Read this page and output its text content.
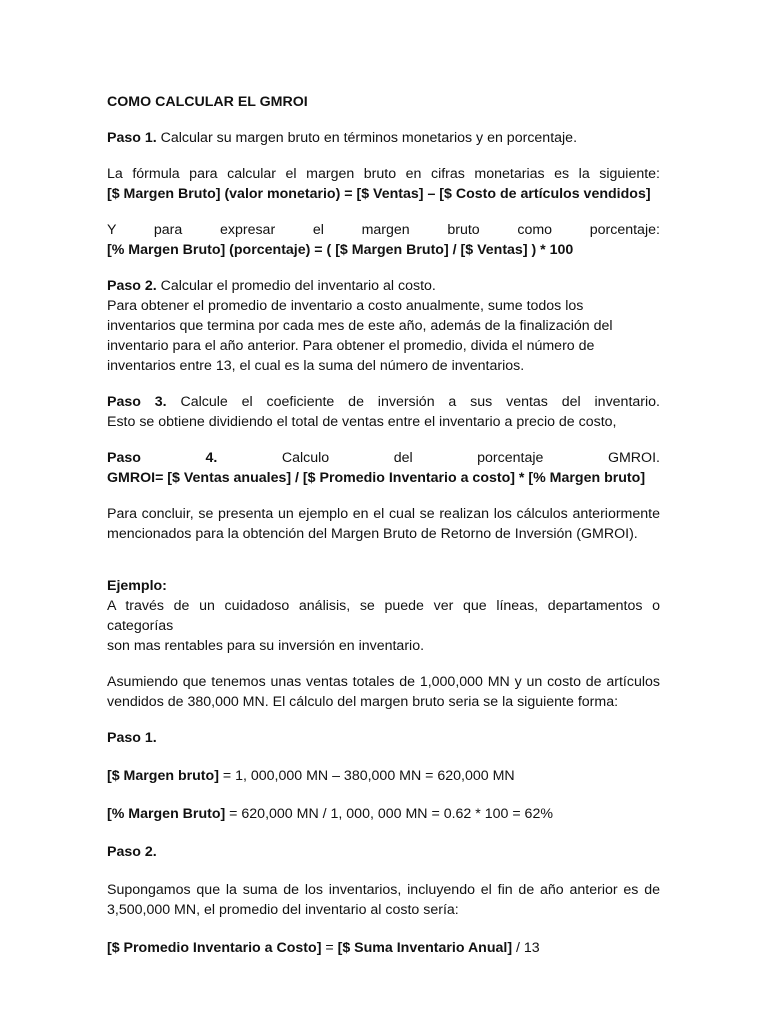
COMO CALCULAR EL GMROI

Paso 1. Calcular su margen bruto en términos monetarios y en porcentaje.

La fórmula para calcular el margen bruto en cifras monetarias es la siguiente:

[$ Margen Bruto] (valor monetario) = [$ Ventas] – [$ Costo de artículos vendidos]

Y	para	expresar	el	margen	bruto	como	porcentaje:

[% Margen Bruto] (porcentaje) = ( [$ Margen Bruto] / [$ Ventas] ) * 100

Paso 2. Calcular el promedio del inventario al costo.

Para obtener el promedio de inventario a costo anualmente, sume todos los

inventarios que termina por cada mes de este año, además de la finalización del

inventario para el año anterior. Para obtener el promedio, divida el número de

inventarios entre 13, el cual es la suma del número de inventarios.

Paso 3. Calcule el coeficiente de inversión a sus ventas del inventario.

Esto se obtiene dividiendo el total de ventas entre el inventario a precio de costo,

Paso	4.	Calculo	del	porcentaje	GMROI.

GMROI= [$ Ventas anuales] / [$ Promedio Inventario a costo] * [% Margen bruto]

Para concluir, se presenta un ejemplo en el cual se realizan los cálculos anteriormente

mencionados para la obtención del Margen Bruto de Retorno de Inversión (GMROI).

Ejemplo:

A través de un cuidadoso análisis, se puede ver que líneas, departamentos o categorías

son mas rentables para su inversión en inventario.

Asumiendo que tenemos unas ventas totales de 1,000,000 MN y un costo de artículos

vendidos de 380,000 MN. El cálculo del margen bruto seria se la siguiente forma:

Paso 1.

[$ Margen bruto] = 1, 000,000 MN – 380,000 MN = 620,000 MN

[% Margen Bruto] = 620,000 MN / 1, 000, 000 MN = 0.62 * 100 = 62%

Paso 2.

Supongamos que la suma de los inventarios, incluyendo el fin de año anterior es de

3,500,000 MN, el promedio del inventario al costo sería:

[$ Promedio Inventario a Costo] = [$ Suma Inventario Anual] / 13
